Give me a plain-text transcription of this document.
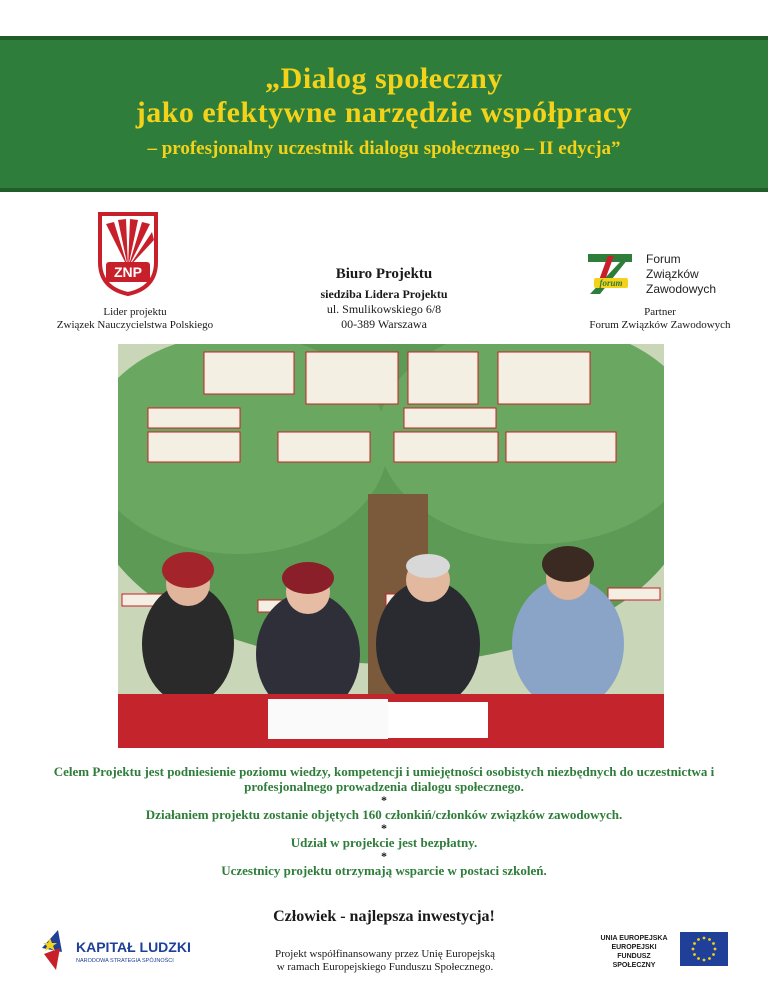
„Dialog społeczny
jako efektywne narzędzie współpracy
– profesjonalny uczestnik dialogu społecznego – II edycja”
ZNP
Lider projektu
Związek Nauczycielstwa Polskiego
Biuro Projektu
siedziba Lidera Projektu
ul. Smulikowskiego 6/8
00-389 Warszawa
forum
Forum
Związków
Zawodowych
Partner
Forum Związków Zawodowych

Celem Projektu jest podniesienie poziomu wiedzy, kompetencji i umiejętności osobistych niezbędnych do uczestnictwa i profesjonalnego prowadzenia dialogu społecznego.

*

Działaniem projektu zostanie objętych 160 członkiń/członków związków zawodowych.

*

Udział w projekcie jest bezpłatny.

*

Uczestnicy projektu otrzymają wsparcie w postaci szkoleń.

Człowiek - najlepsza inwestycja!
KAPITAŁ LUDZKI
NARODOWA STRATEGIA SPÓJNOŚCI
Projekt współfinansowany przez Unię Europejską
w ramach Europejskiego Funduszu Społecznego.
UNIA EUROPEJSKA
EUROPEJSKI
FUNDUSZ SPOŁECZNY
